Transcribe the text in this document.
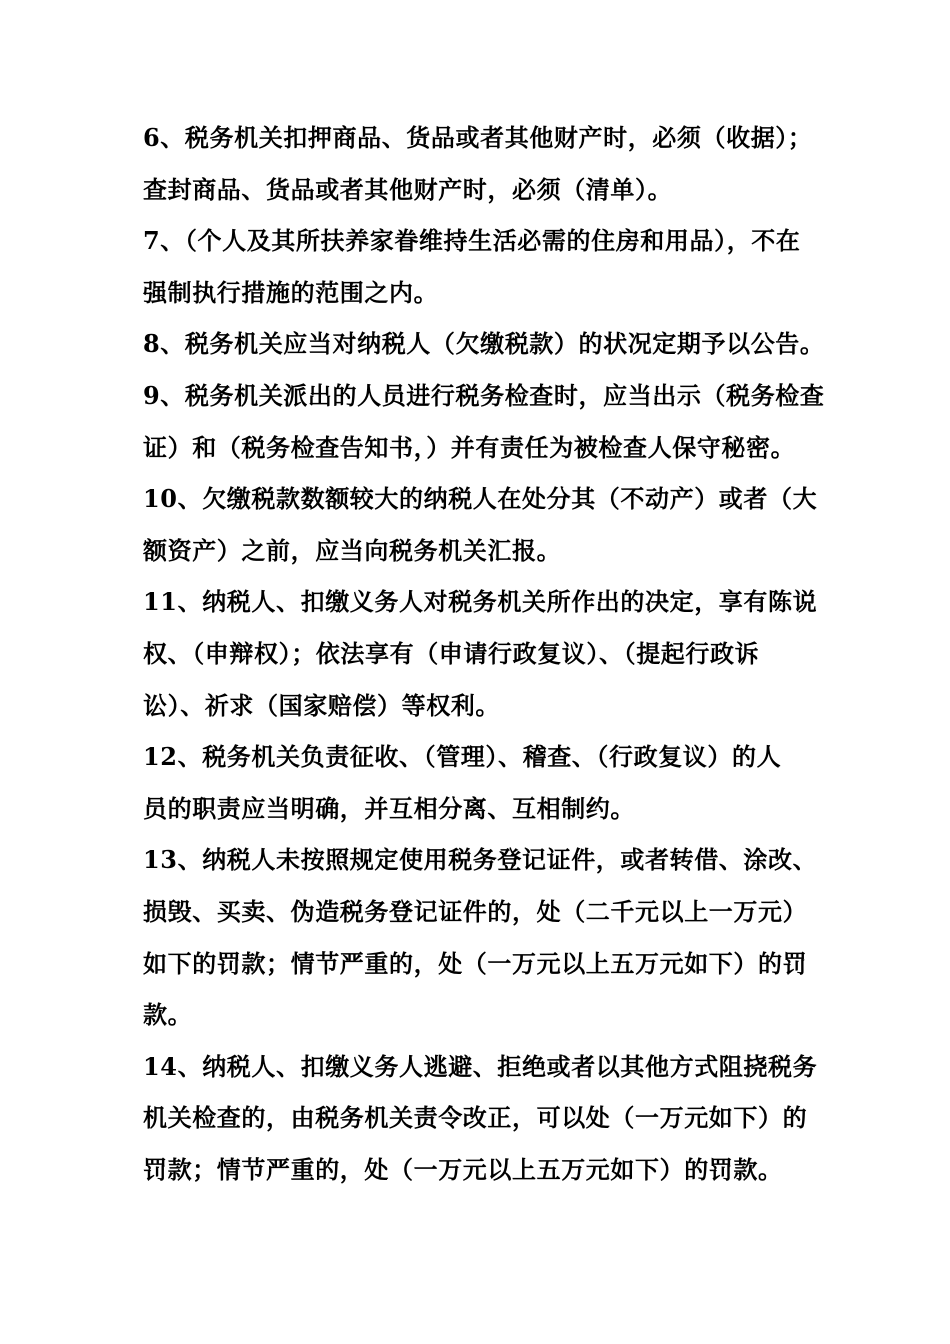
6、税务机关扣押商品、货品或者其他财产时，必须（收据）；
查封商品、货品或者其他财产时，必须（清单）。
7、（个人及其所扶养家眷维持生活必需的住房和用品），不在
强制执行措施的范围之内。
8、税务机关应当对纳税人（欠缴税款）的状况定期予以公告。
9、税务机关派出的人员进行税务检查时，应当出示（税务检查
证）和（税务检查告知书，）并有责任为被检查人保守秘密。
10、欠缴税款数额较大的纳税人在处分其（不动产）或者（大
额资产）之前，应当向税务机关汇报。
11、纳税人、扣缴义务人对税务机关所作出的决定，享有陈说
权、（申辩权）；依法享有（申请行政复议）、（提起行政诉
讼）、祈求（国家赔偿）等权利。
12、税务机关负责征收、（管理）、稽查、（行政复议）的人
员的职责应当明确，并互相分离、互相制约。
13、纳税人未按照规定使用税务登记证件，或者转借、涂改、
损毁、买卖、伪造税务登记证件的，处（二千元以上一万元）
如下的罚款；情节严重的，处（一万元以上五万元如下）的罚
款。
14、纳税人、扣缴义务人逃避、拒绝或者以其他方式阻挠税务
机关检查的，由税务机关责令改正，可以处（一万元如下）的
罚款；情节严重的，处（一万元以上五万元如下）的罚款。
